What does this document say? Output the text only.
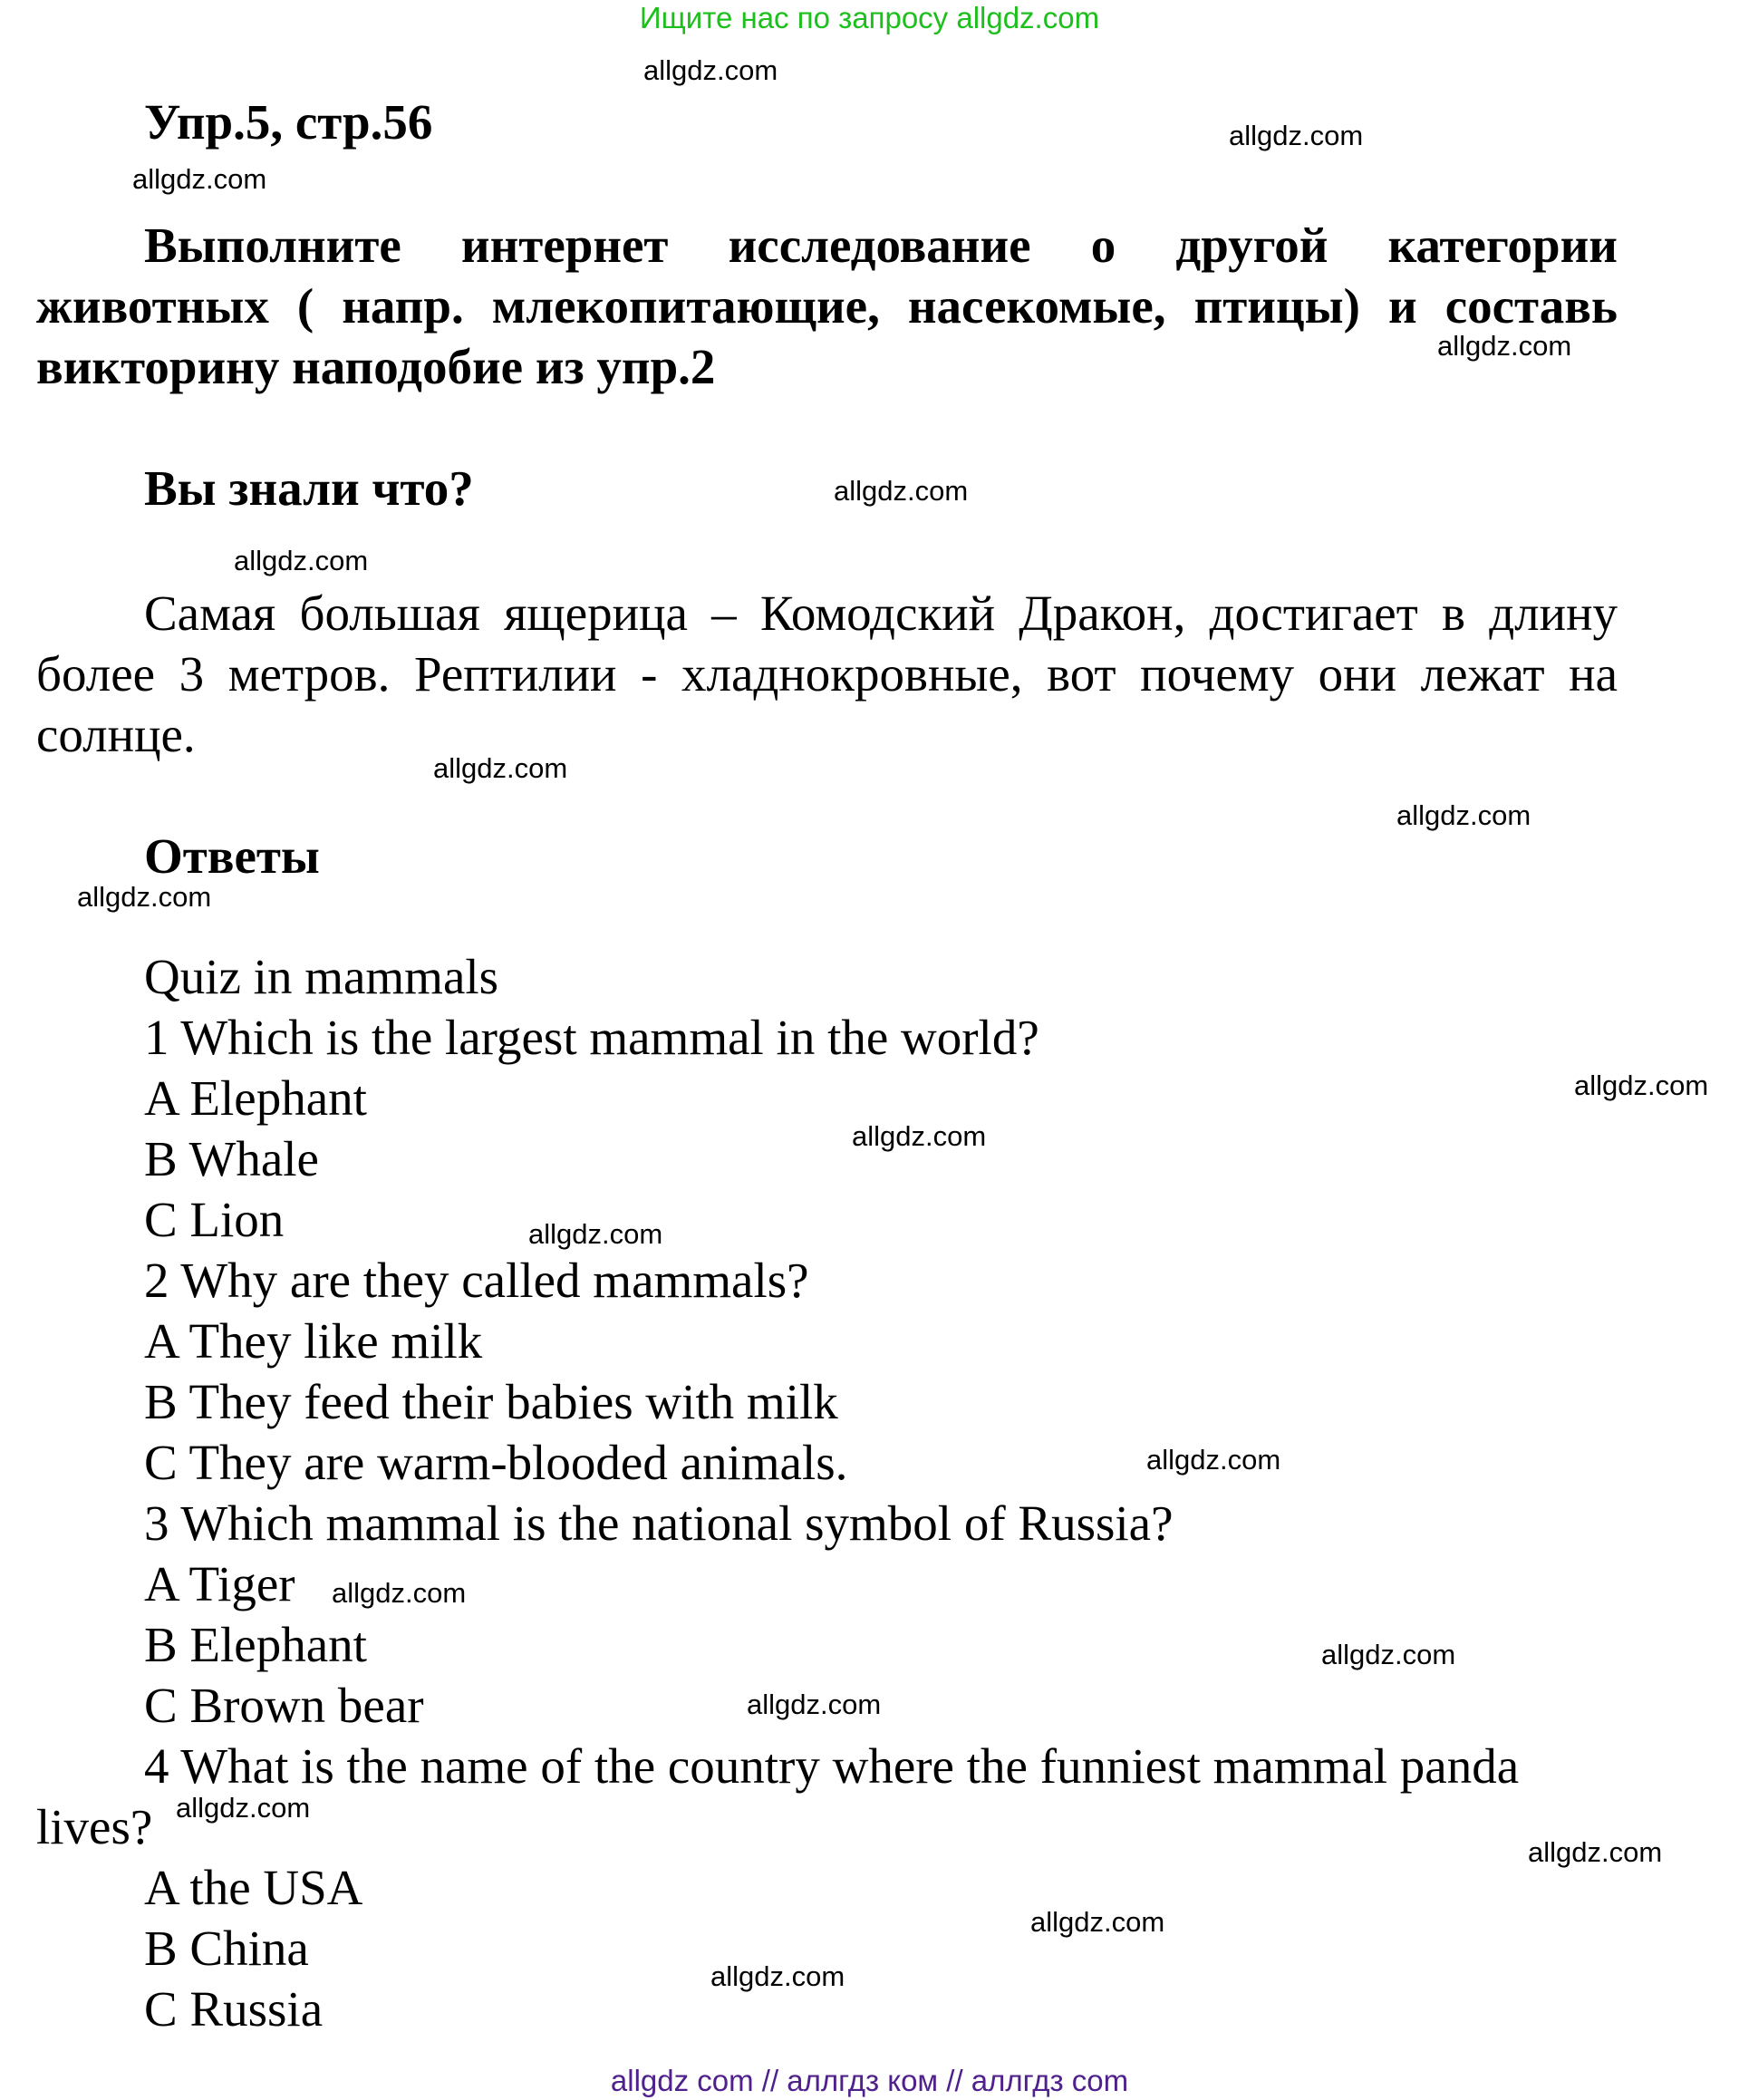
Ищите нас по запросу allgdz.com
Упр.5, стр.56
Выполните интернет исследование о другой категории животных ( напр. млекопитающие, насекомые, птицы) и составь викторину наподобие из упр.2
Вы знали что?
Самая большая ящерица – Комодский Дракон, достигает в длину более 3 метров. Рептилии - хладнокровные, вот почему они лежат на солнце.
Ответы
Quiz in mammals
1 Which is the largest mammal in the world?
A Elephant
B Whale
C Lion
2 Why are they called mammals?
A They like milk
B They feed their babies with milk
C They are warm-blooded animals.
3 Which mammal is the national symbol of Russia?
A Tiger
B Elephant
C Brown bear
4 What is the name of the country where the funniest mammal panda lives?
A the USA
B China
C Russia
allgdz.com
allgdz.com
allgdz.com
allgdz.com
allgdz.com
allgdz.com
allgdz.com
allgdz.com
allgdz.com
allgdz.com
allgdz.com
allgdz.com
allgdz.com
allgdz.com
allgdz.com
allgdz.com
allgdz.com
allgdz.com
allgdz.com
allgdz.com
allgdz com // аллгдз ком // аллгдз com
